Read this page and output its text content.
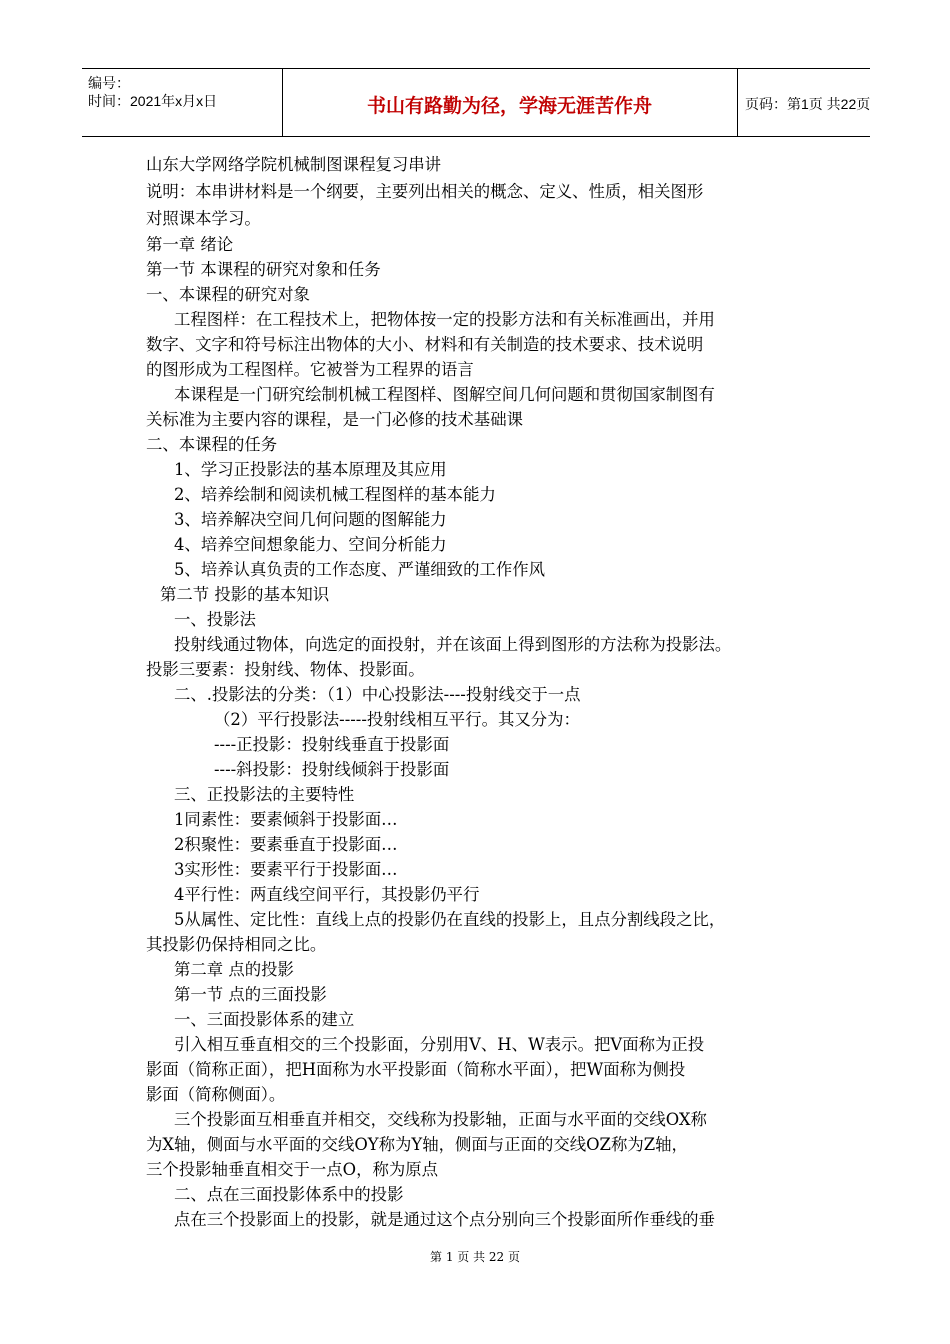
编号：
时间：2021年x月x日	书山有路勤为径，学海无涯苦作舟	页码：第1页 共22页
山东大学网络学院机械制图课程复习串讲
说明：本串讲材料是一个纲要，主要列出相关的概念、定义、性质，相关图形
对照课本学习。
第一章 绪论
第一节 本课程的研究对象和任务
一、本课程的研究对象
工程图样：在工程技术上，把物体按一定的投影方法和有关标准画出，并用
数字、文字和符号标注出物体的大小、材料和有关制造的技术要求、技术说明
的图形成为工程图样。它被誉为工程界的语言
本课程是一门研究绘制机械工程图样、图解空间几何问题和贯彻国家制图有
关标准为主要内容的课程，是一门必修的技术基础课
二、本课程的任务
1、学习正投影法的基本原理及其应用
2、培养绘制和阅读机械工程图样的基本能力
3、培养解决空间几何问题的图解能力
4、培养空间想象能力、空间分析能力
5、培养认真负责的工作态度、严谨细致的工作作风
第二节 投影的基本知识
一、投影法
投射线通过物体，向选定的面投射，并在该面上得到图形的方法称为投影法。
投影三要素：投射线、物体、投影面。
二、.投影法的分类：（1）中心投影法----投射线交于一点
（2）平行投影法-----投射线相互平行。其又分为：
----正投影：投射线垂直于投影面
----斜投影：投射线倾斜于投影面
三、正投影法的主要特性
1同素性：要素倾斜于投影面…
2积聚性：要素垂直于投影面…
3实形性：要素平行于投影面…
4平行性：两直线空间平行，其投影仍平行
5从属性、定比性：直线上点的投影仍在直线的投影上，且点分割线段之比，
其投影仍保持相同之比。
第二章 点的投影
第一节 点的三面投影
一、三面投影体系的建立
引入相互垂直相交的三个投影面，分别用V、H、W表示。把V面称为正投
影面（简称正面），把H面称为水平投影面（简称水平面），把W面称为侧投
影面（简称侧面）。
三个投影面互相垂直并相交，交线称为投影轴，正面与水平面的交线OX称
为X轴，侧面与水平面的交线OY称为Y轴，侧面与正面的交线OZ称为Z轴，
三个投影轴垂直相交于一点O，称为原点
二、点在三面投影体系中的投影
点在三个投影面上的投影，就是通过这个点分别向三个投影面所作垂线的垂
第 1 页 共 22 页
